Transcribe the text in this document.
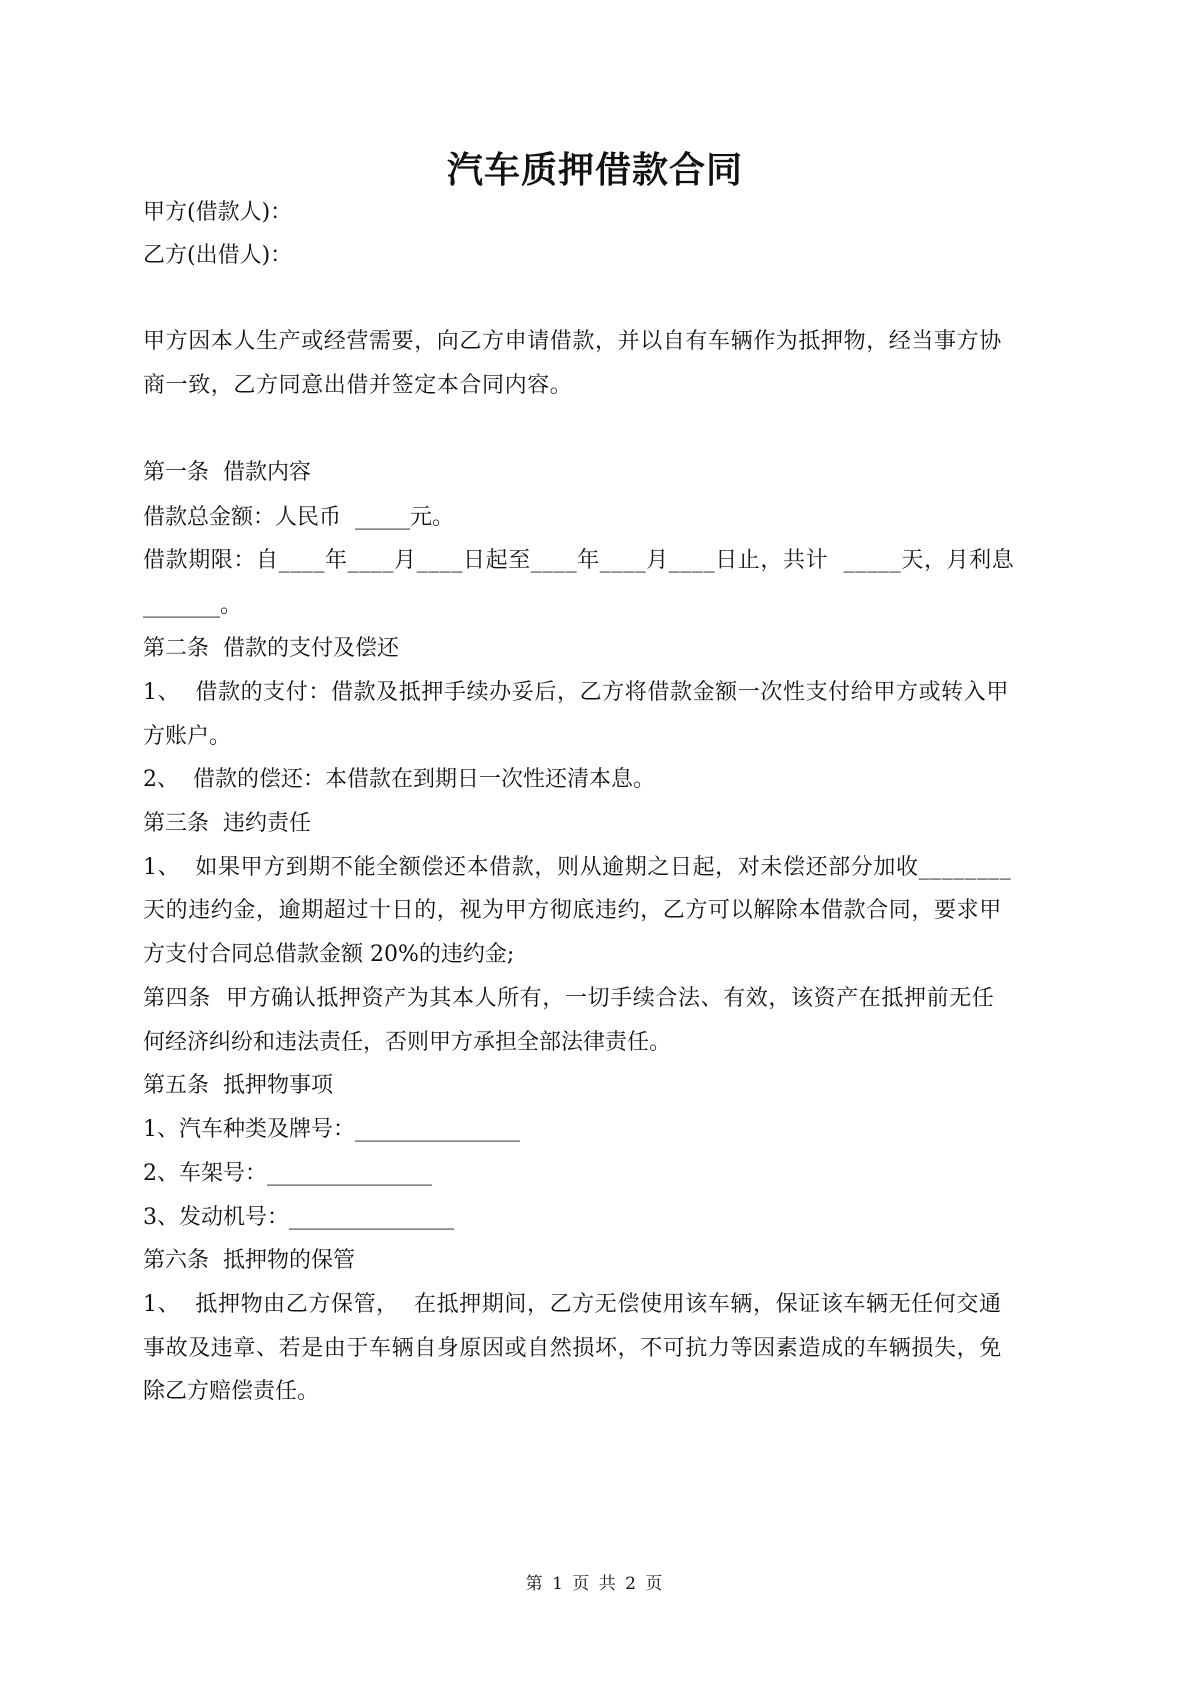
汽车质押借款合同
甲方(借款人)：
乙方(出借人)：
甲方因本人生产或经营需要，向乙方申请借款，并以自有车辆作为抵押物，经当事方协
商一致，乙方同意出借并签定本合同内容。
第一条  借款内容
借款总金额：人民币  _____元。
借款期限：自____年____月____日起至____年____月____日止，共计  _____天，月利息
_______。
第二条  借款的支付及偿还
1、  借款的支付：借款及抵押手续办妥后，乙方将借款金额一次性支付给甲方或转入甲
方账户。
2、  借款的偿还：本借款在到期日一次性还清本息。
第三条  违约责任
1、  如果甲方到期不能全额偿还本借款，则从逾期之日起，对未偿还部分加收________
天的违约金，逾期超过十日的，视为甲方彻底违约，乙方可以解除本借款合同，要求甲
方支付合同总借款金额 20%的违约金;
第四条  甲方确认抵押资产为其本人所有，一切手续合法、有效，该资产在抵押前无任
何经济纠纷和违法责任，否则甲方承担全部法律责任。
第五条  抵押物事项
1、汽车种类及牌号：_______________
2、车架号：_______________
3、发动机号：_______________
第六条  抵押物的保管
1、  抵押物由乙方保管，  在抵押期间，乙方无偿使用该车辆，保证该车辆无任何交通
事故及违章、若是由于车辆自身原因或自然损坏，不可抗力等因素造成的车辆损失，免
除乙方赔偿责任。
第 1 页 共 2 页
